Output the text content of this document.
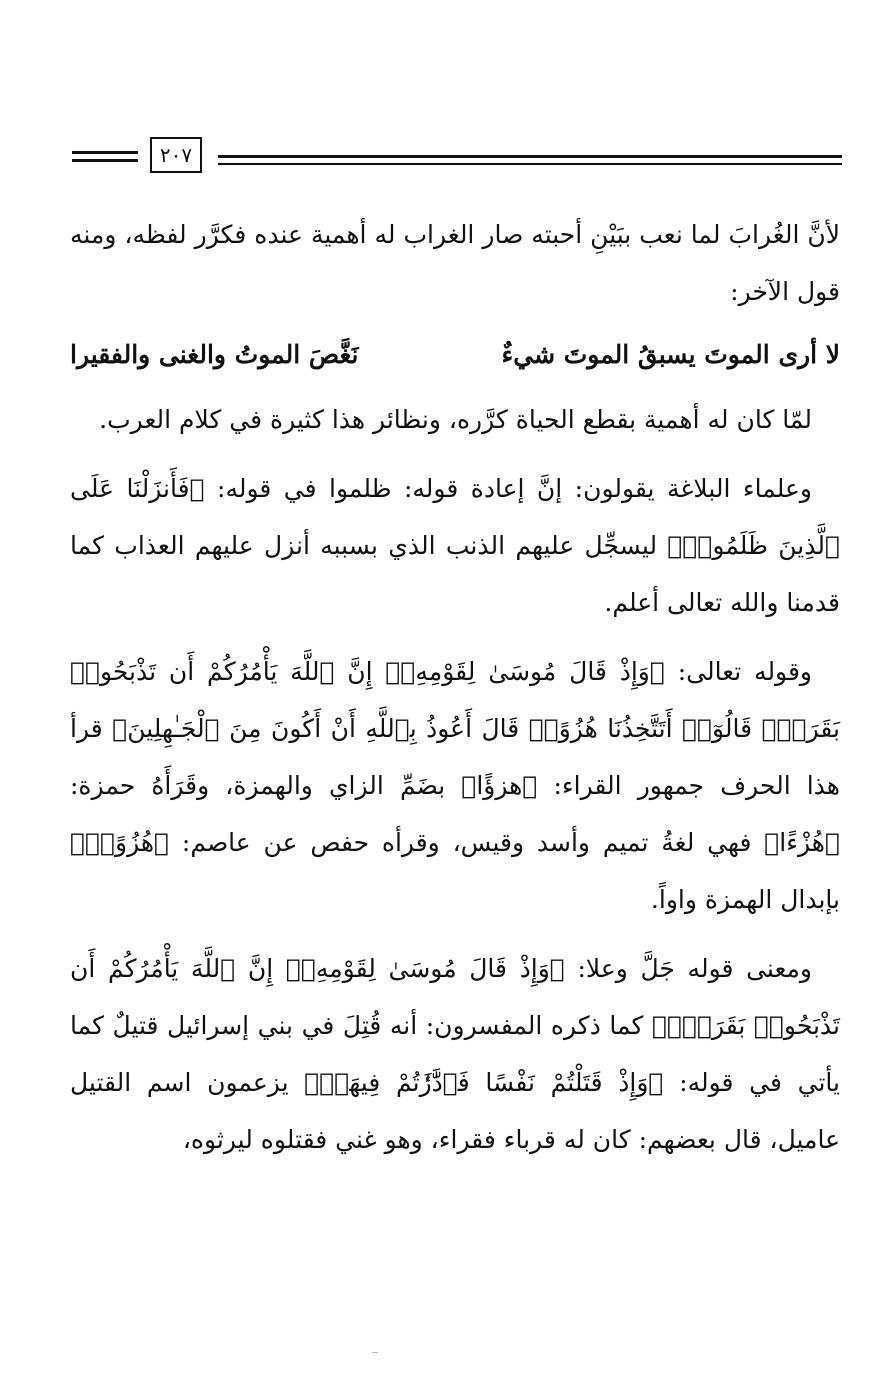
٢٠٧

لأنَّ الغُرابَ لما نعب ببَيْنِ أحبته صار الغراب له أهمية عنده فكرَّر لفظه، ومنه قول الآخر:

لا أرى الموتَ يسبقُ الموتَ شيءٌ
نَغَّصَ الموتُ والغنى والفقيرا

لمّا كان له أهمية بقطع الحياة كرَّره، ونظائر هذا كثيرة في كلام العرب.

وعلماء البلاغة يقولون: إنَّ إعادة قوله: ظلموا في قوله: ﴿فَأَنزَلْنَا عَلَى ٱلَّذِينَ ظَلَمُوا۟﴾ ليسجِّل عليهم الذنب الذي بسببه أنزل عليهم العذاب كما قدمنا والله تعالى أعلم.

وقوله تعالى: ﴿وَإِذْ قَالَ مُوسَىٰ لِقَوْمِهِۦٓ إِنَّ ٱللَّهَ يَأْمُرُكُمْ أَن تَذْبَحُوا۟ بَقَرَةًۖ قَالُوٓا۟ أَتَتَّخِذُنَا هُزُوًاۖ قَالَ أَعُوذُ بِٱللَّهِ أَنْ أَكُونَ مِنَ ٱلْجَـٰهِلِينَ﴾ قرأ هذا الحرف جمهور القراء: ﴿هزؤًا﴾ بضَمِّ الزاي والهمزة، وقَرَأَهُ حمزة: ﴿هُزْءًا﴾ فهي لغةُ تميم وأسد وقيس، وقرأه حفص عن عاصم: ﴿هُزُوًاۖ﴾ بإبدال الهمزة واواً.

ومعنى قوله جَلَّ وعلا: ﴿وَإِذْ قَالَ مُوسَىٰ لِقَوْمِهِۦٓ إِنَّ ٱللَّهَ يَأْمُرُكُمْ أَن تَذْبَحُوا۟ بَقَرَةًۖ﴾ كما ذكره المفسرون: أنه قُتِلَ في بني إسرائيل قتيلٌ كما يأتي في قوله: ﴿وَإِذْ قَتَلْتُمْ نَفْسًا فَٱدَّٰرَٰٔتُمْ فِيهَاۖ﴾ يزعمون اسم القتيل عاميل، قال بعضهم: كان له قرباء فقراء، وهو غني فقتلوه ليرثوه،
